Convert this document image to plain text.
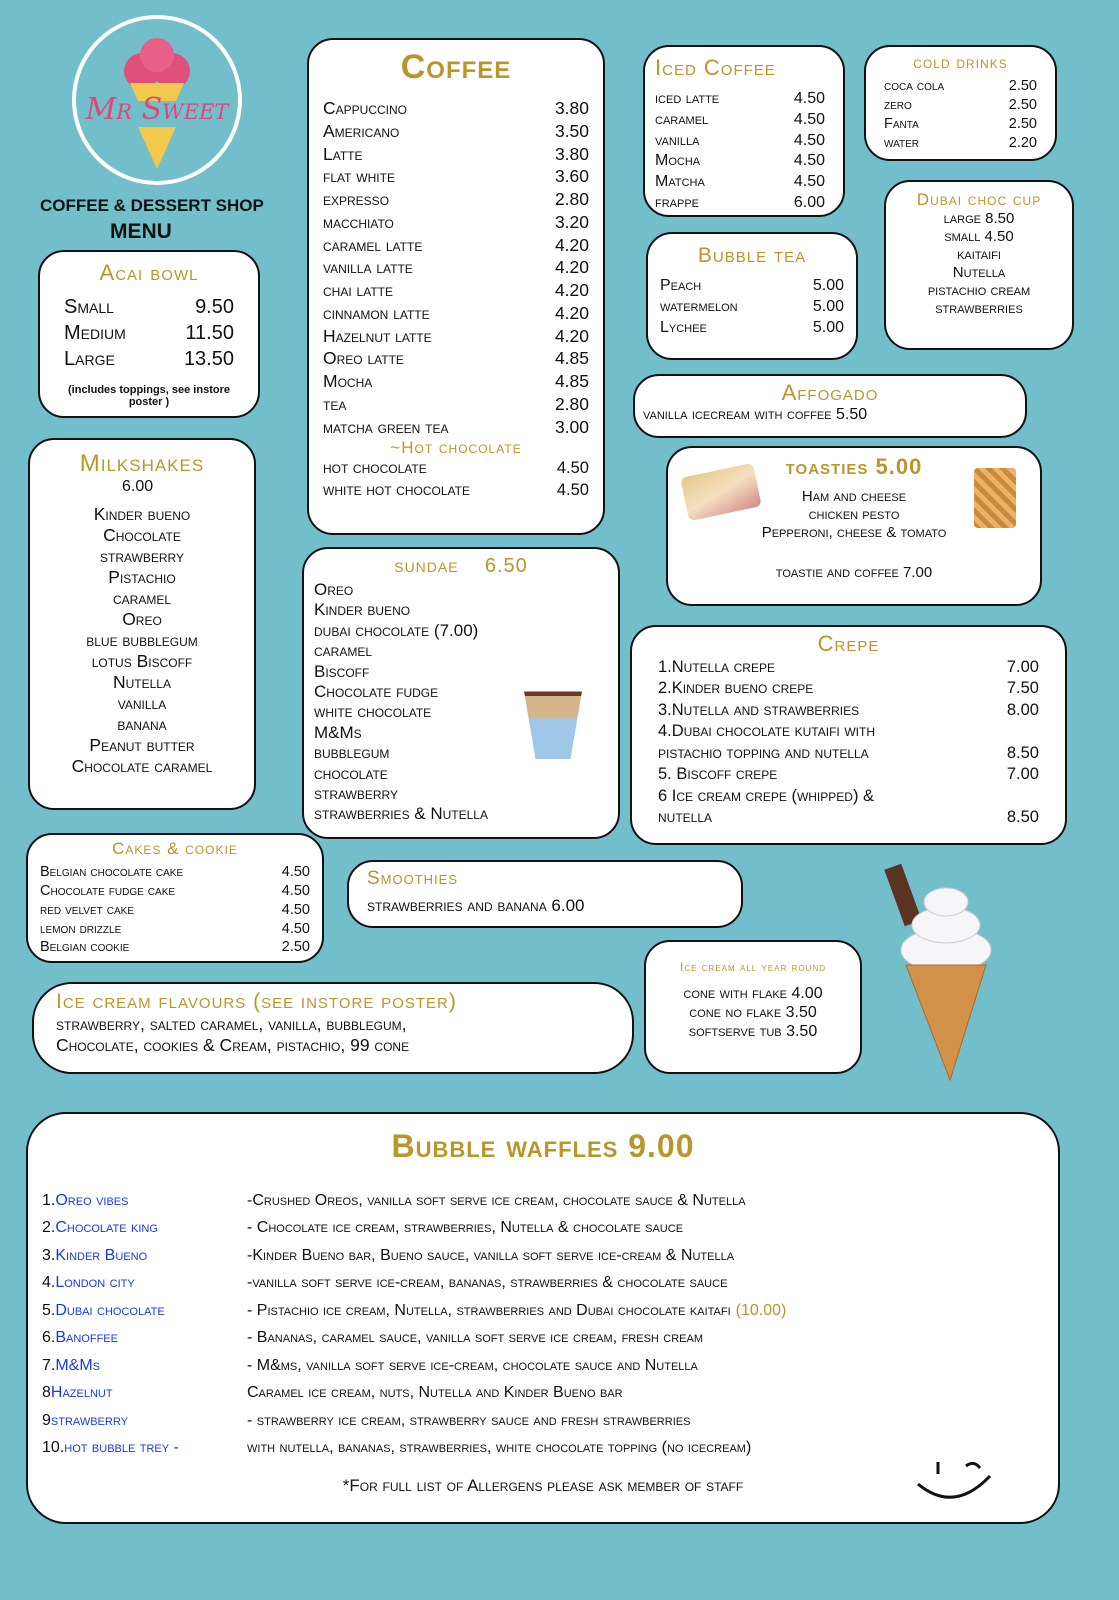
Mr Sweet
COFFEE & DESSERT SHOP
MENU
Acai bowl
Small	9.50
Medium	11.50
Large	13.50
(includes toppings, see instore poster )
Milkshakes
6.00
Kinder bueno
Chocolate
strawberry
Pistachio
caramel
Oreo
blue bubblegum
lotus Biscoff
Nutella
vanilla
banana
Peanut butter
Chocolate caramel
Coffee
Cappuccino	3.80
Americano	3.50
Latte	3.80
flat white	3.60
expresso	2.80
macchiato	3.20
caramel latte	4.20
vanilla latte	4.20
chai latte	4.20
cinnamon latte	4.20
Hazelnut latte	4.20
Oreo latte	4.85
Mocha	4.85
tea	2.80
matcha green tea	3.00
~Hot chocolate
hot chocolate	4.50
white hot chocolate	4.50
Iced Coffee
iced latte	4.50
caramel	4.50
vanilla	4.50
Mocha	4.50
Matcha	4.50
frappe	6.00
cold drinks
coca cola	2.50
zero	2.50
Fanta	2.50
water	2.20
Dubai choc cup
large 8.50
small 4.50
kaitaifi
Nutella
pistachio cream
strawberries
Bubble tea
Peach	5.00
watermelon	5.00
Lychee	5.00
Affogado
vanilla icecream with coffee 5.50
toasties 5.00
Ham and cheese
chicken pesto
Pepperoni, cheese & tomato
toastie and coffee 7.00
sundae 6.50
Oreo
Kinder bueno
dubai chocolate (7.00)
caramel
Biscoff
Chocolate fudge
white chocolate
M&Ms
bubblegum
chocolate
strawberry
strawberries & Nutella
Crepe
1.Nutella crepe	7.00
2.Kinder bueno crepe	7.50
3.Nutella and strawberries	8.00
4.Dubai chocolate kutaifi with
pistachio topping and nutella	8.50
5. Biscoff crepe	7.00
6 Ice cream crepe (whipped) &
nutella	8.50
Cakes & cookie
Belgian chocolate cake	4.50
Chocolate fudge cake	4.50
red velvet cake	4.50
lemon drizzle	4.50
Belgian cookie	2.50
Smoothies
strawberries and banana 6.00
Ice cream all year round
cone with flake 4.00
cone no flake 3.50
softserve tub 3.50
Ice cream flavours (see instore poster)
strawberry, salted caramel, vanilla, bubblegum,
Chocolate, cookies & Cream, pistachio, 99 cone
Bubble waffles 9.00
1.Oreo vibes	-Crushed Oreos, vanilla soft serve ice cream, chocolate sauce & Nutella
2.Chocolate king	- Chocolate ice cream, strawberries, Nutella & chocolate sauce
3.Kinder Bueno	-Kinder Bueno bar, Bueno sauce, vanilla soft serve ice-cream & Nutella
4.London city	-vanilla soft serve ice-cream, bananas, strawberries & chocolate sauce
5.Dubai chocolate	- Pistachio ice cream, Nutella, strawberries and Dubai chocolate kaitafi (10.00)
6.Banoffee	- Bananas, caramel sauce, vanilla soft serve ice cream, fresh cream
7.M&Ms	- M&ms, vanilla soft serve ice-cream, chocolate sauce and Nutella
8Hazelnut	Caramel ice cream, nuts, Nutella and Kinder Bueno bar
9strawberry	- strawberry ice cream, strawberry sauce and fresh strawberries
10.hot bubble trey -	with nutella, bananas, strawberries, white chocolate topping (no icecream)
*For full list of Allergens please ask member of staff
